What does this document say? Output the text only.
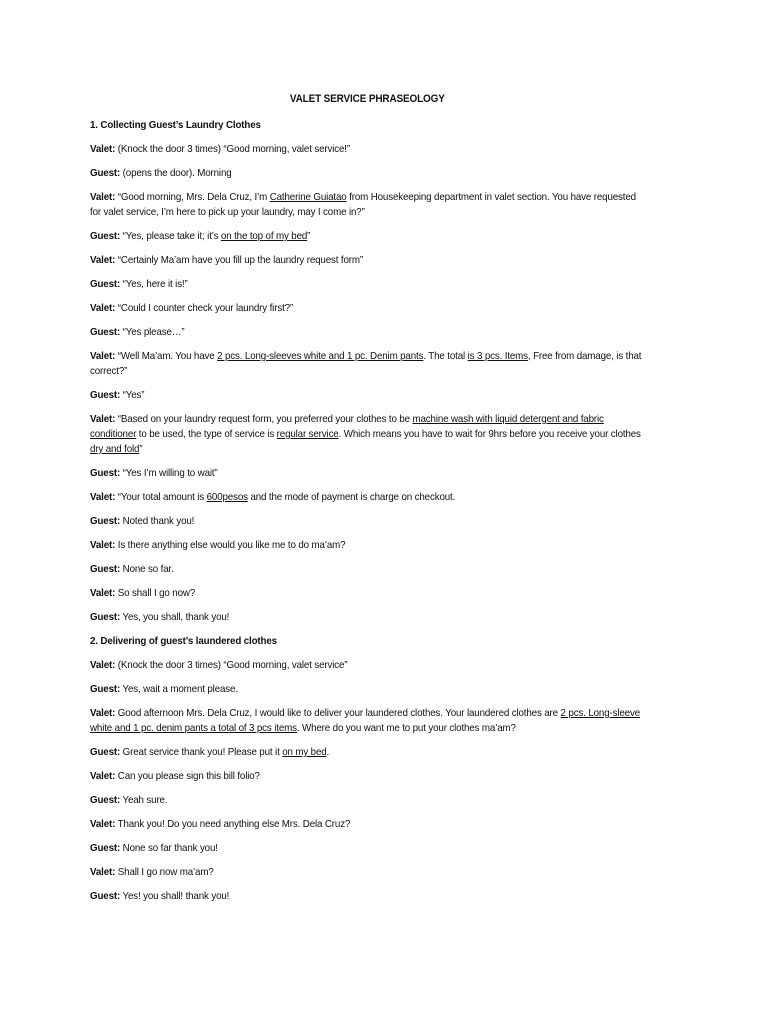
VALET SERVICE PHRASEOLOGY
1. Collecting Guest’s Laundry Clothes
Valet: (Knock the door 3 times) “Good morning, valet service!”
Guest: (opens the door). Morning
Valet: “Good morning, Mrs. Dela Cruz, I’m Catherine Guiatao from Housekeeping department in valet section. You have requested for valet service, I’m here to pick up your laundry, may I come in?”
Guest: “Yes, please take it; it’s on the top of my bed”
Valet: “Certainly Ma’am have you fill up the laundry request form”
Guest: “Yes, here it is!”
Valet: “Could I counter check your laundry first?”
Guest: “Yes please…”
Valet: “Well Ma’am. You have 2 pcs. Long-sleeves white and 1 pc. Denim pants. The total is 3 pcs. Items, Free from damage, is that correct?”
Guest: “Yes”
Valet: “Based on your laundry request form, you preferred your clothes to be machine wash with liquid detergent and fabric conditioner to be used, the type of service is regular service. Which means you have to wait for 9hrs before you receive your clothes dry and fold”
Guest: “Yes I’m willing to wait”
Valet: “Your total amount is 600pesos and the mode of payment is charge on checkout.
Guest: Noted thank you!
Valet: Is there anything else would you like me to do ma’am?
Guest: None so far.
Valet: So shall I go now?
Guest: Yes, you shall, thank you!
2. Delivering of guest’s laundered clothes
Valet: (Knock the door 3 times) “Good morning, valet service”
Guest: Yes, wait a moment please.
Valet: Good afternoon Mrs. Dela Cruz, I would like to deliver your laundered clothes. Your laundered clothes are 2 pcs. Long-sleeve white and 1 pc. denim pants a total of 3 pcs items. Where do you want me to put your clothes ma’am?
Guest: Great service thank you! Please put it on my bed.
Valet: Can you please sign this bill folio?
Guest: Yeah sure.
Valet: Thank you! Do you need anything else Mrs. Dela Cruz?
Guest: None so far thank you!
Valet: Shall I go now ma’am?
Guest: Yes! you shall! thank you!
